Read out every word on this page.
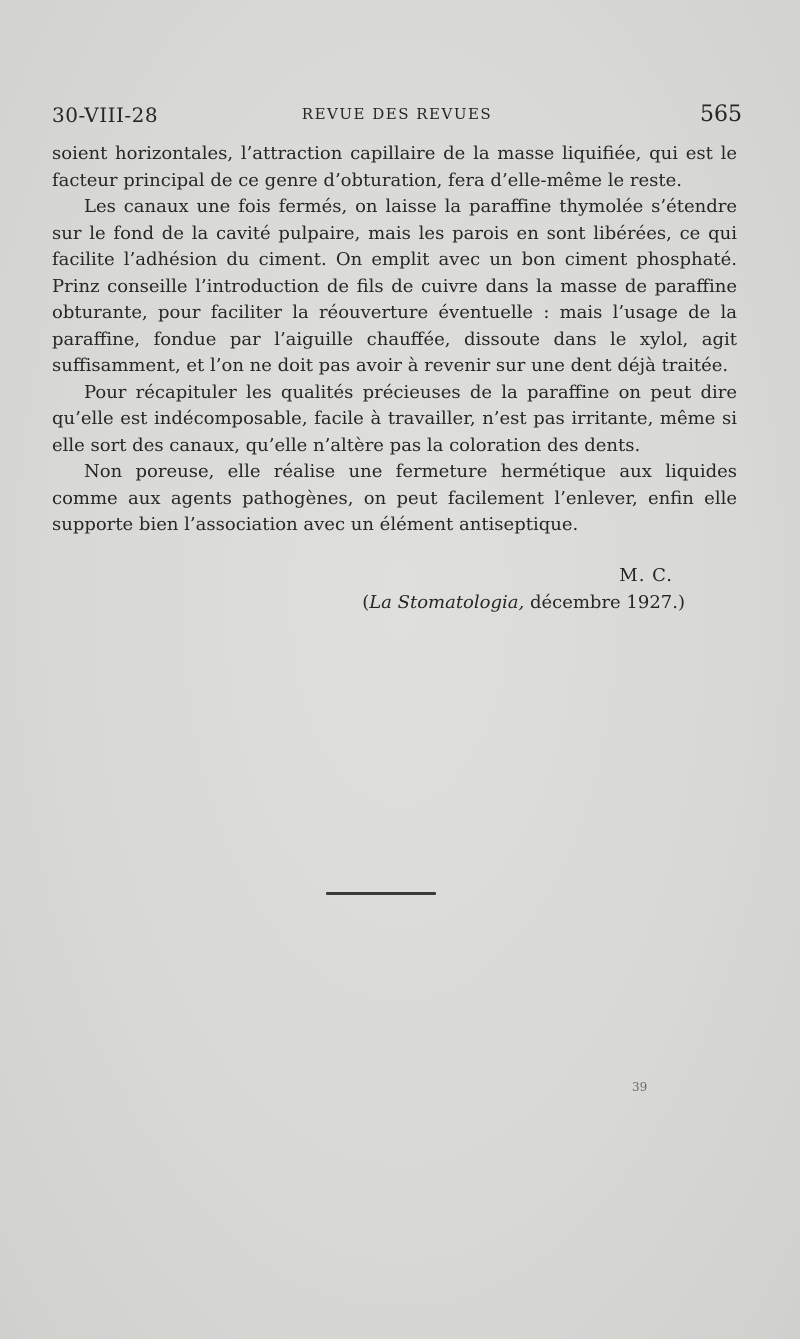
30-VIII-28	REVUE DES REVUES	565

soient horizontales, l’attraction capillaire de la masse liquifiée, qui est le facteur principal de ce genre d’obturation, fera d’elle-même le reste.

Les canaux une fois fermés, on laisse la paraffine thymolée s’étendre sur le fond de la cavité pulpaire, mais les parois en sont libérées, ce qui facilite l’adhésion du ciment. On emplit avec un bon ciment phosphaté. Prinz conseille l’introduction de fils de cuivre dans la masse de paraffine obturante, pour faciliter la réouverture éventuelle : mais l’usage de la paraffine, fondue par l’aiguille chauffée, dissoute dans le xylol, agit suffisamment, et l’on ne doit pas avoir à revenir sur une dent déjà traitée.

Pour récapituler les qualités précieuses de la paraffine on peut dire qu’elle est indécomposable, facile à travailler, n’est pas irritante, même si elle sort des canaux, qu’elle n’altère pas la coloration des dents.

Non poreuse, elle réalise une fermeture hermétique aux liquides comme aux agents pathogènes, on peut facilement l’enlever, enfin elle supporte bien l’association avec un élément antiseptique.

M. C.
(La Stomatologia, décembre 1927.)
39
